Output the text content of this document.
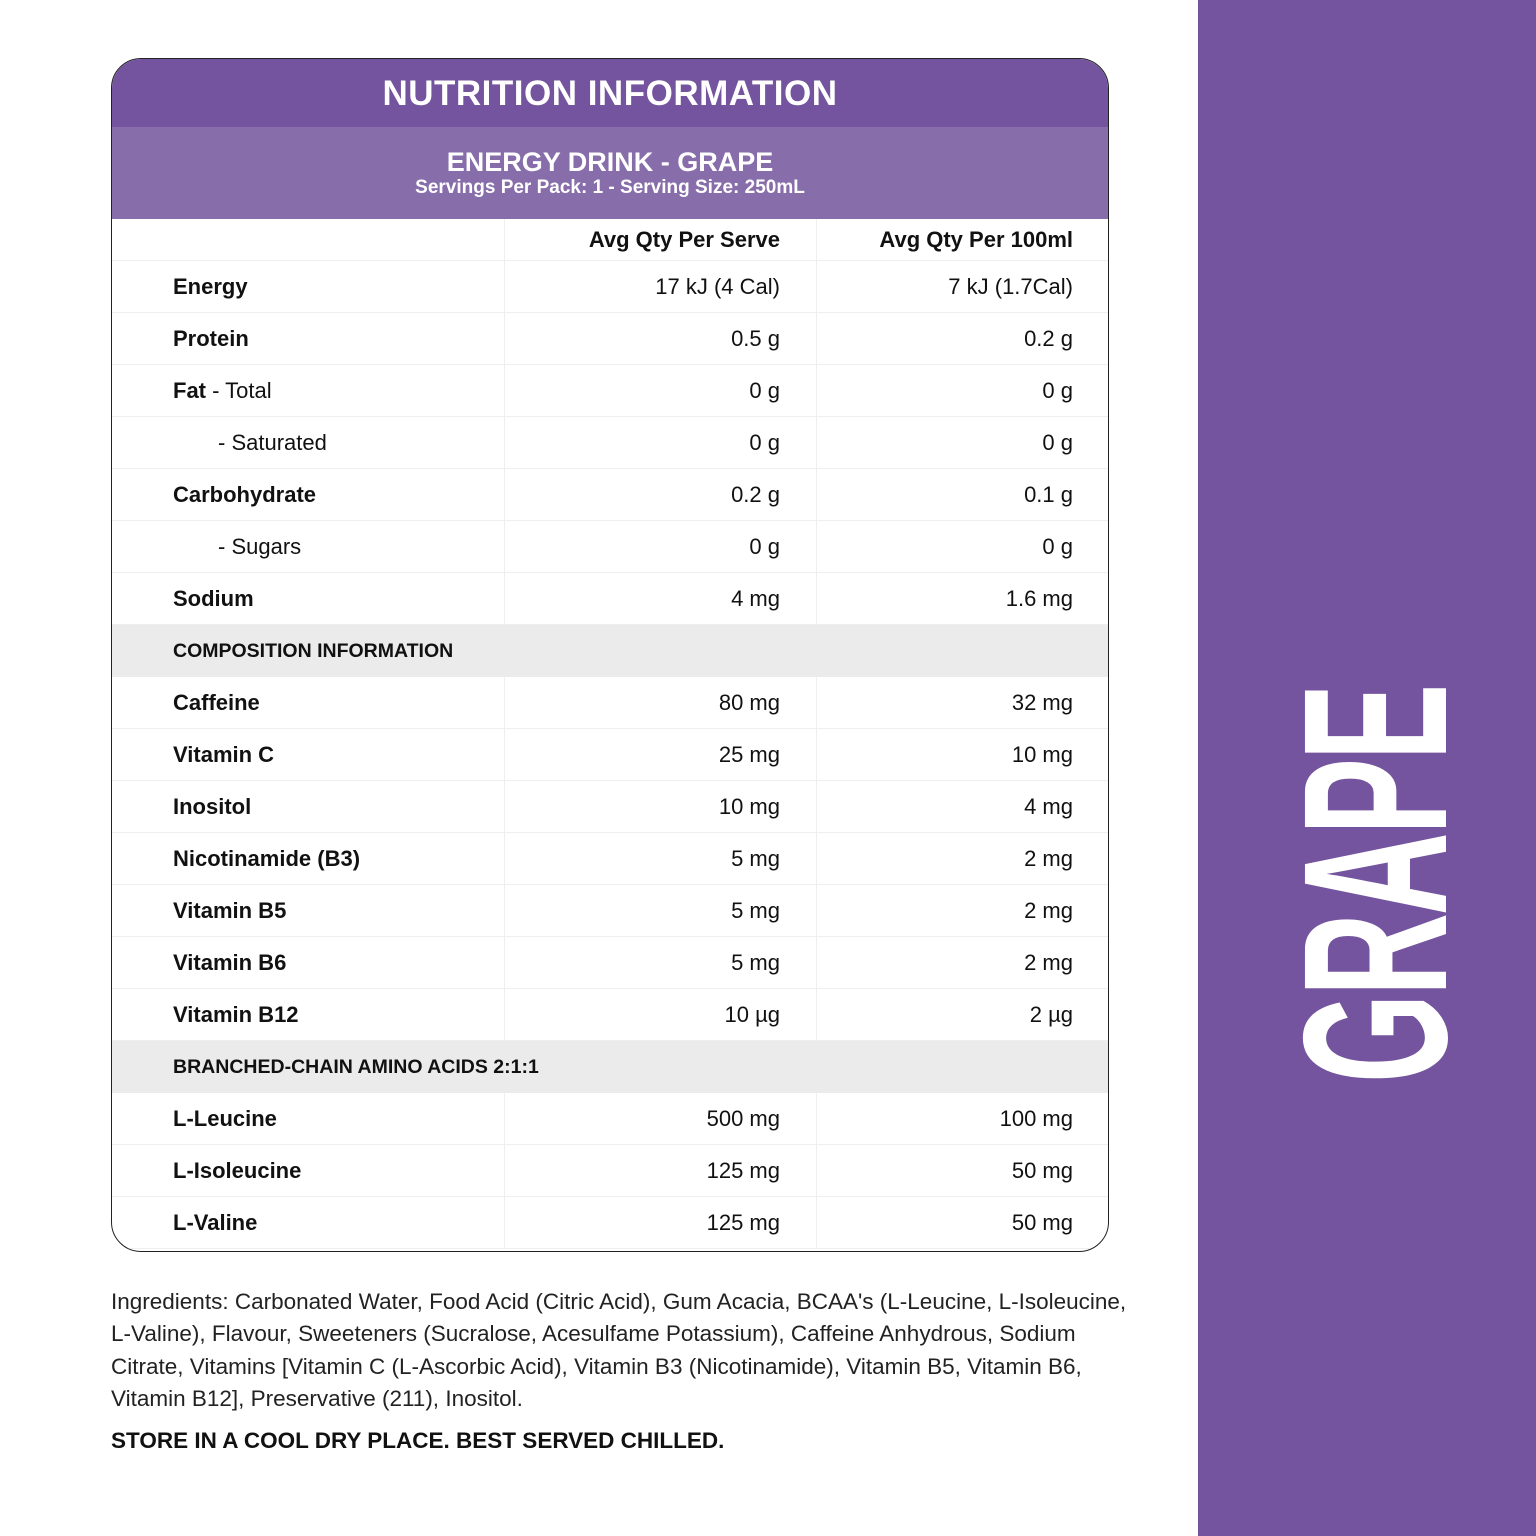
GRAPE
NUTRITION INFORMATION
ENERGY DRINK - GRAPE
Servings Per Pack: 1 - Serving Size: 250mL
Avg Qty Per Serve	Avg Qty Per 100ml
Energy	17 kJ (4 Cal)	7 kJ (1.7Cal)
Protein	0.5 g	0.2 g
Fat - Total	0 g	0 g
- Saturated	0 g	0 g
Carbohydrate	0.2 g	0.1 g
- Sugars	0 g	0 g
Sodium	4 mg	1.6 mg
COMPOSITION INFORMATION
Caffeine	80 mg	32 mg
Vitamin C	25 mg	10 mg
Inositol	10 mg	4 mg
Nicotinamide (B3)	5 mg	2 mg
Vitamin B5	5 mg	2 mg
Vitamin B6	5 mg	2 mg
Vitamin B12	10 µg	2 µg
BRANCHED-CHAIN AMINO ACIDS 2:1:1
L-Leucine	500 mg	100 mg
L-Isoleucine	125 mg	50 mg
L-Valine	125 mg	50 mg
Ingredients: Carbonated Water, Food Acid (Citric Acid), Gum Acacia, BCAA's (L-Leucine, L-Isoleucine, L-Valine), Flavour, Sweeteners (Sucralose, Acesulfame Potassium), Caffeine Anhydrous, Sodium Citrate, Vitamins [Vitamin C (L-Ascorbic Acid), Vitamin B3 (Nicotinamide), Vitamin B5, Vitamin B6, Vitamin B12], Preservative (211), Inositol.
STORE IN A COOL DRY PLACE. BEST SERVED CHILLED.
